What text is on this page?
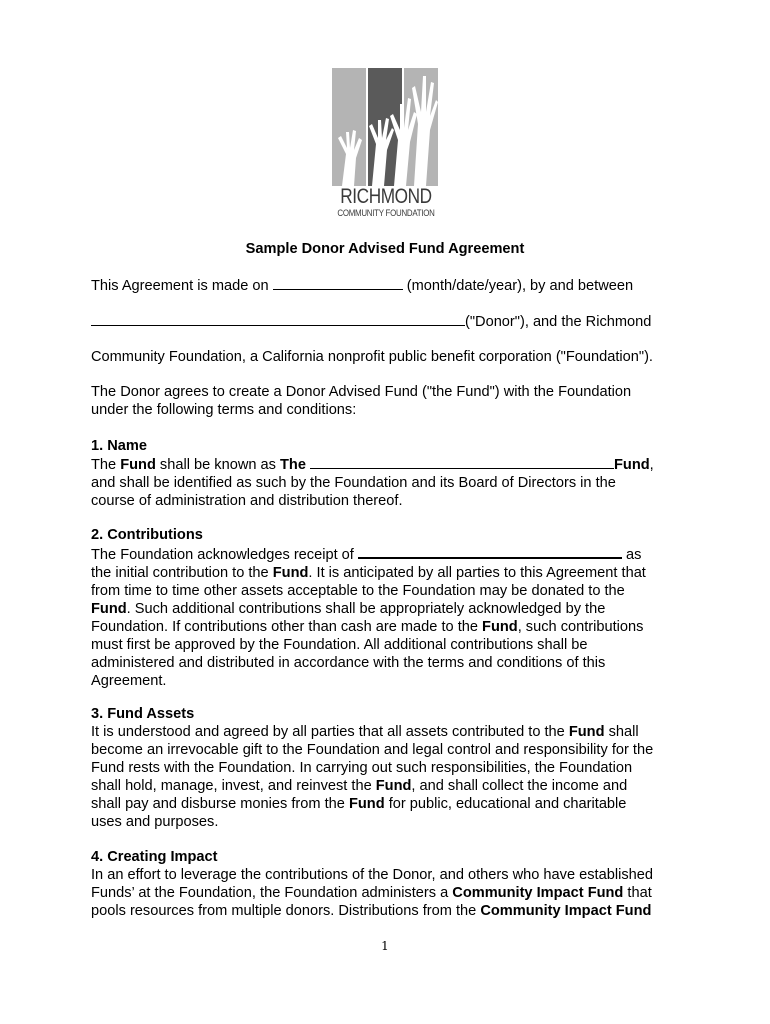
RICHMOND
COMMUNITY FOUNDATION
Sample Donor Advised Fund Agreement
This Agreement is made on	(month/date/year), by and between
("Donor"), and the Richmond
Community Foundation, a California nonprofit public benefit corporation ("Foundation").

The Donor agrees to create a Donor Advised Fund ("the Fund") with the Foundation

under the following terms and conditions:

1. Name

The Fund shall be known as The	Fund,

and shall be identified as such by the Foundation and its Board of Directors in the

course of administration and distribution thereof.

2. Contributions

The Foundation acknowledges receipt of	as

the initial contribution to the Fund. It is anticipated by all parties to this Agreement that

from time to time other assets acceptable to the Foundation may be donated to the

Fund. Such additional contributions shall be appropriately acknowledged by the

Foundation. If contributions other than cash are made to the Fund, such contributions

must first be approved by the Foundation. All additional contributions shall be

administered and distributed in accordance with the terms and conditions of this

Agreement.

3. Fund Assets

It is understood and agreed by all parties that all assets contributed to the Fund shall

become an irrevocable gift to the Foundation and legal control and responsibility for the

Fund rests with the Foundation. In carrying out such responsibilities, the Foundation

shall hold, manage, invest, and reinvest the Fund, and shall collect the income and

shall pay and disburse monies from the Fund for public, educational and charitable

uses and purposes.

4. Creating Impact

In an effort to leverage the contributions of the Donor, and others who have established

Funds’ at the Foundation, the Foundation administers a Community Impact Fund that

pools resources from multiple donors. Distributions from the Community Impact Fund

1
